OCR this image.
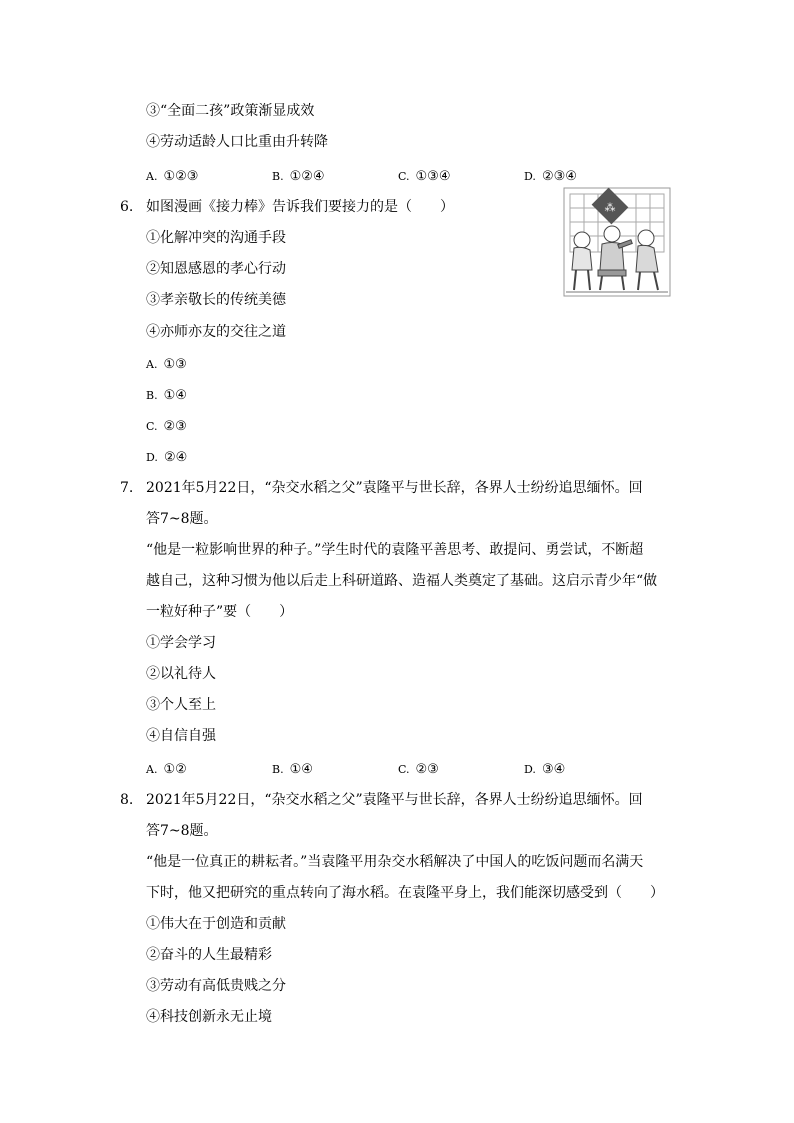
③“全面二孩”政策渐显成效
④劳动适龄人口比重由升转降
A. ①②③	B. ①②④	C. ①③④	D. ②③④
6. 如图漫画《接力棒》告诉我们要接力的是（　　）
①化解冲突的沟通手段
②知恩感恩的孝心行动
③孝亲敬长的传统美德
④亦师亦友的交往之道
A. ①③
B. ①④
C. ②③
D. ②④
⁂
7. 2021年5月22日，“杂交水稻之父”袁隆平与世长辞，各界人士纷纷追思缅怀。回
答7~8题。
“他是一粒影响世界的种子。”学生时代的袁隆平善思考、敢提问、勇尝试，不断超
越自己，这种习惯为他以后走上科研道路、造福人类奠定了基础。这启示青少年“做
一粒好种子”要（　　）
①学会学习
②以礼待人
③个人至上
④自信自强
A. ①②	B. ①④	C. ②③	D. ③④
8. 2021年5月22日，“杂交水稻之父”袁隆平与世长辞，各界人士纷纷追思缅怀。回
答7~8题。
“他是一位真正的耕耘者。”当袁隆平用杂交水稻解决了中国人的吃饭问题而名满天
下时，他又把研究的重点转向了海水稻。在袁隆平身上，我们能深切感受到（　　）
①伟大在于创造和贡献
②奋斗的人生最精彩
③劳动有高低贵贱之分
④科技创新永无止境
